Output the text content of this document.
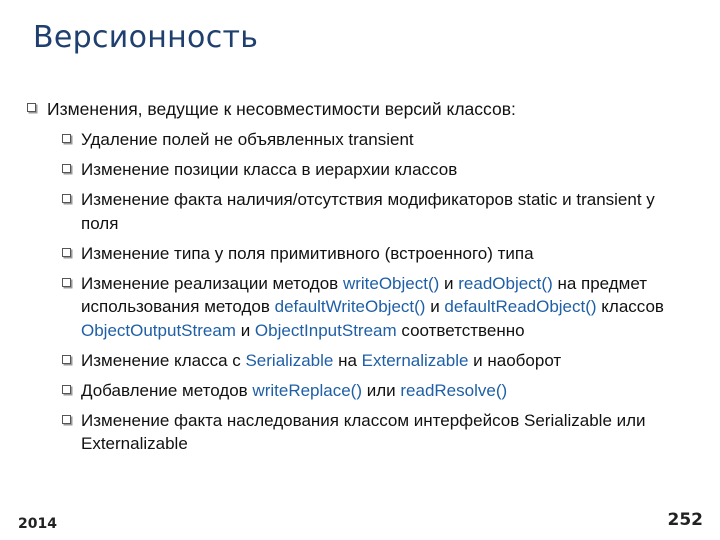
Версионность
Изменения, ведущие к несовместимости версий классов:
Удаление полей не объявленных transient
Изменение позиции класса в иерархии классов
Изменение факта наличия/отсутствия модификаторов static и transient у поля
Изменение типа у поля примитивного (встроенного) типа
Изменение реализации методов writeObject() и readObject() на предмет использования методов defaultWriteObject() и defaultReadObject() классов ObjectOutputStream и ObjectInputStream соответственно
Изменение класса с Serializable на Externalizable и наоборот
Добавление методов writeReplace() или readResolve()
Изменение факта наследования классом интерфейсов Serializable или Externalizable
2014	252
